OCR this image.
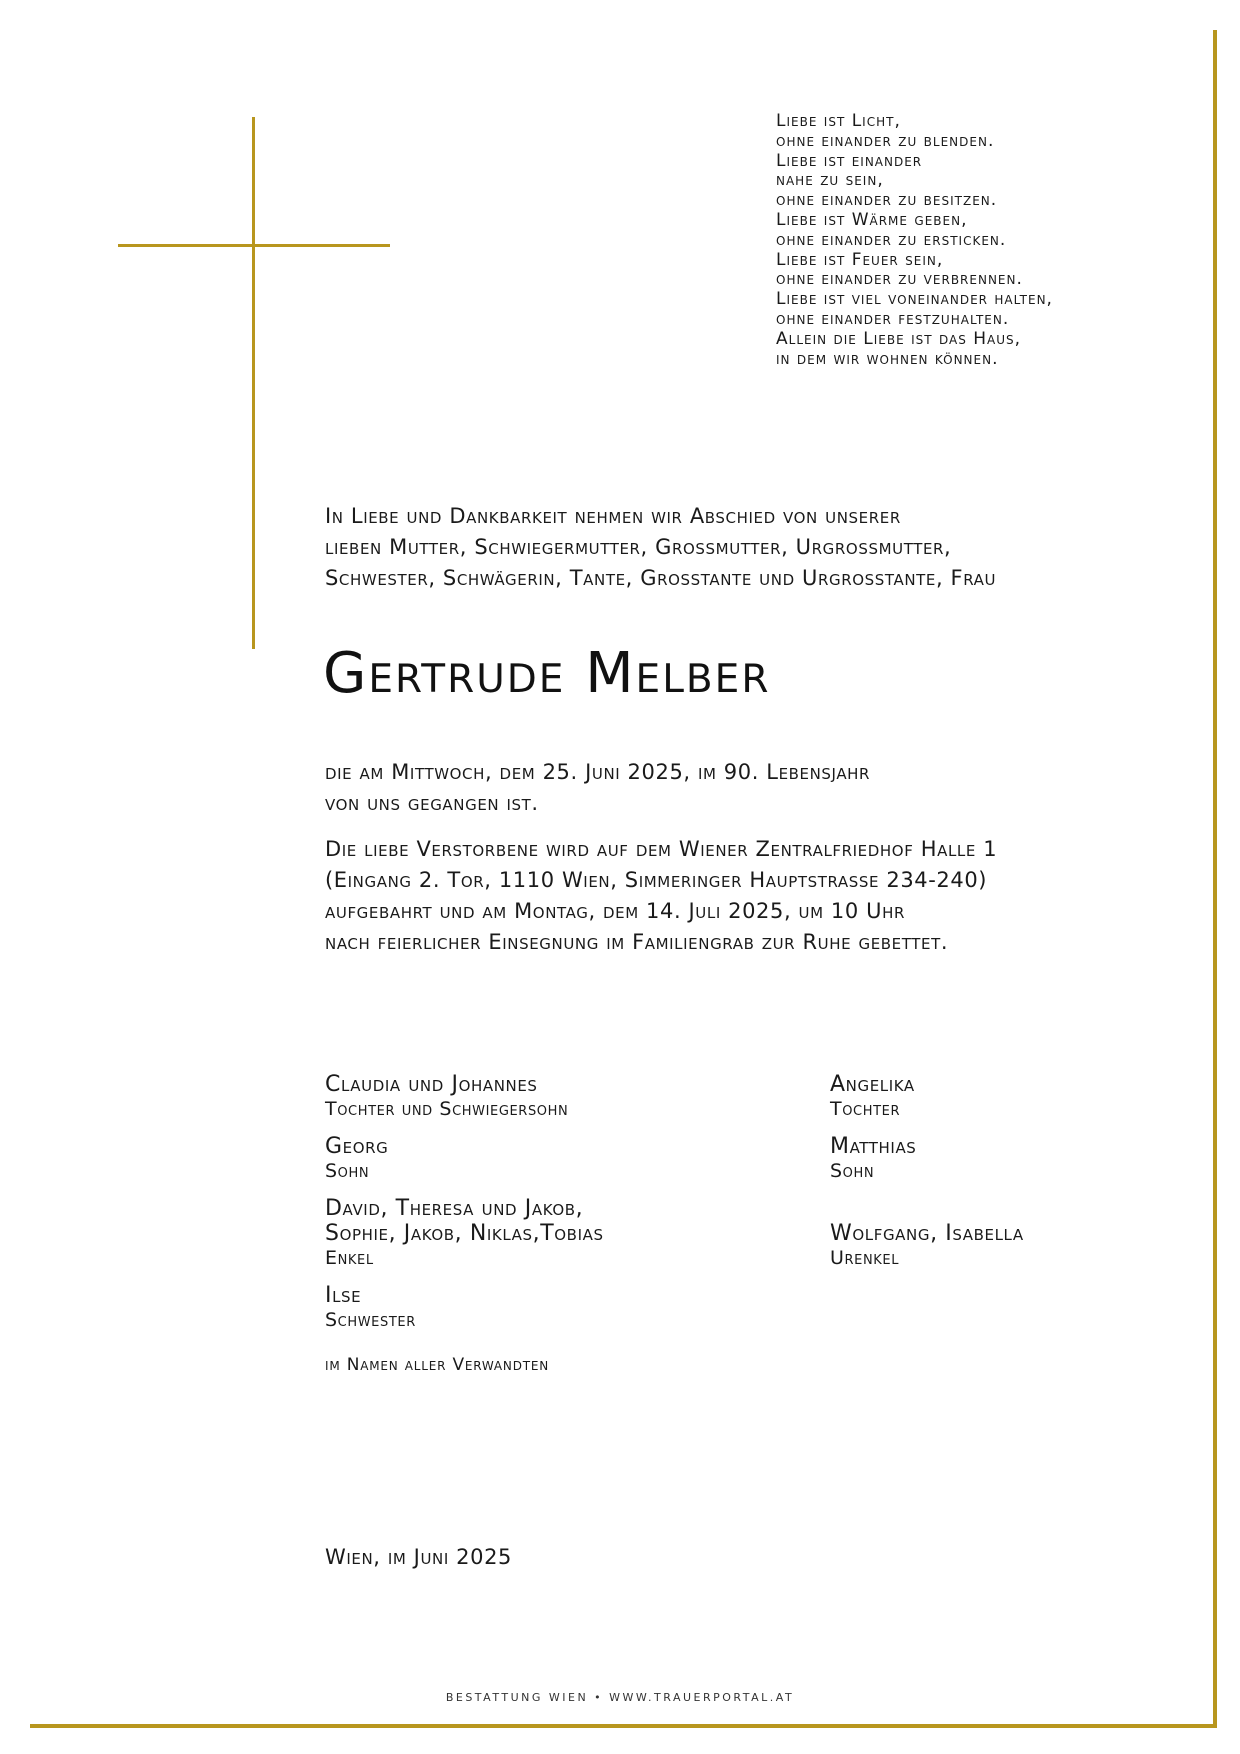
Liebe ist Licht,
ohne einander zu blenden.
Liebe ist einander
nahe zu sein,
ohne einander zu besitzen.
Liebe ist Wärme geben,
ohne einander zu ersticken.
Liebe ist Feuer sein,
ohne einander zu verbrennen.
Liebe ist viel voneinander halten,
ohne einander festzuhalten.
Allein die Liebe ist das Haus,
in dem wir wohnen können.
In Liebe und Dankbarkeit nehmen wir Abschied von unserer
lieben Mutter, Schwiegermutter, Grossmutter, Urgrossmutter,
Schwester, Schwägerin, Tante, Grosstante und Urgrosstante, Frau
Gertrude Melber
die am Mittwoch, dem 25. Juni 2025, im 90. Lebensjahr
von uns gegangen ist.
Die liebe Verstorbene wird auf dem Wiener Zentralfriedhof Halle 1
(Eingang 2. Tor, 1110 Wien, Simmeringer Hauptstrasse 234-240)
aufgebahrt und am Montag, dem 14. Juli 2025, um 10 Uhr
nach feierlicher Einsegnung im Familiengrab zur Ruhe gebettet.
Claudia und Johannes
Tochter und Schwiegersohn
Georg
Sohn
David, Theresa und Jakob,
Sophie, Jakob, Niklas,Tobias
Enkel
Ilse
Schwester
Angelika
Tochter
Matthias
Sohn
Wolfgang, Isabella
Urenkel
im Namen aller Verwandten
Wien, im Juni 2025
BESTATTUNG WIEN • WWW.TRAUERPORTAL.AT
